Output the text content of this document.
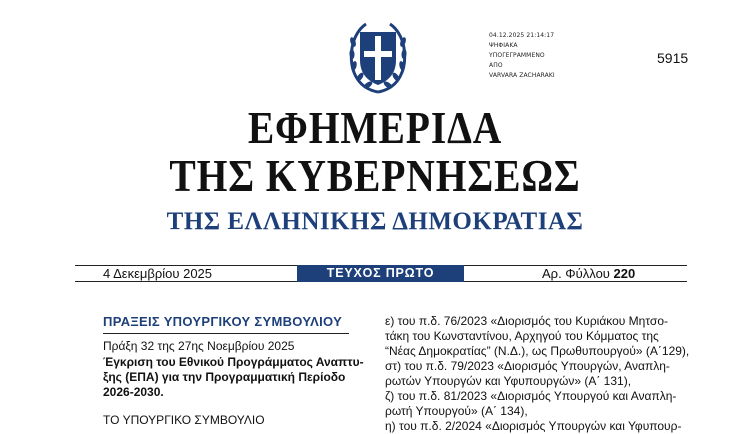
04.12.2025 21:14:17
ΨΗΦΙΑΚΑ
ΥΠΟΓΕΓΡΑΜΜΕΝΟ
ΑΠΟ
VARVARA ZACHARAKI
5915
ΕΦΗΜΕΡΙΔΑ
ΤΗΣ ΚΥΒΕΡΝΗΣΕΩΣ
ΤΗΣ ΕΛΛΗΝΙΚΗΣ ΔΗΜΟΚΡΑΤΙΑΣ
4 Δεκεμβρίου 2025	ΤΕΥΧΟΣ ΠΡΩΤΟ	Αρ. Φύλλου 220
ΠΡΑΞΕΙΣ ΥΠΟΥΡΓΙΚΟΥ ΣΥΜΒΟΥΛΙΟΥ
Πράξη 32 της 27ης Νοεμβρίου 2025
Έγκριση του Εθνικού Προγράμματος Αναπτυ-
ξης (ΕΠΑ) για την Προγραμματική Περίοδο
2026-2030.
ΤΟ ΥΠΟΥΡΓΙΚΟ ΣΥΜΒΟΥΛΙΟ
ε) του π.δ. 76/2023 «Διορισμός του Κυριάκου Μητσο-
τάκη του Κωνσταντίνου, Αρχηγού του Κόμματος της
“Νέας Δημοκρατίας” (Ν.Δ.), ως Πρωθυπουργού» (Α΄129),
στ) του π.δ. 79/2023 «Διορισμός Υπουργών, Αναπλη-
ρωτών Υπουργών και Υφυπουργών» (Α΄ 131),
ζ) του π.δ. 81/2023 «Διορισμός Υπουργού και Αναπλη-
ρωτή Υπουργού» (Α΄ 134),
η) του π.δ. 2/2024 «Διορισμός Υπουργών και Υφυπουρ-
